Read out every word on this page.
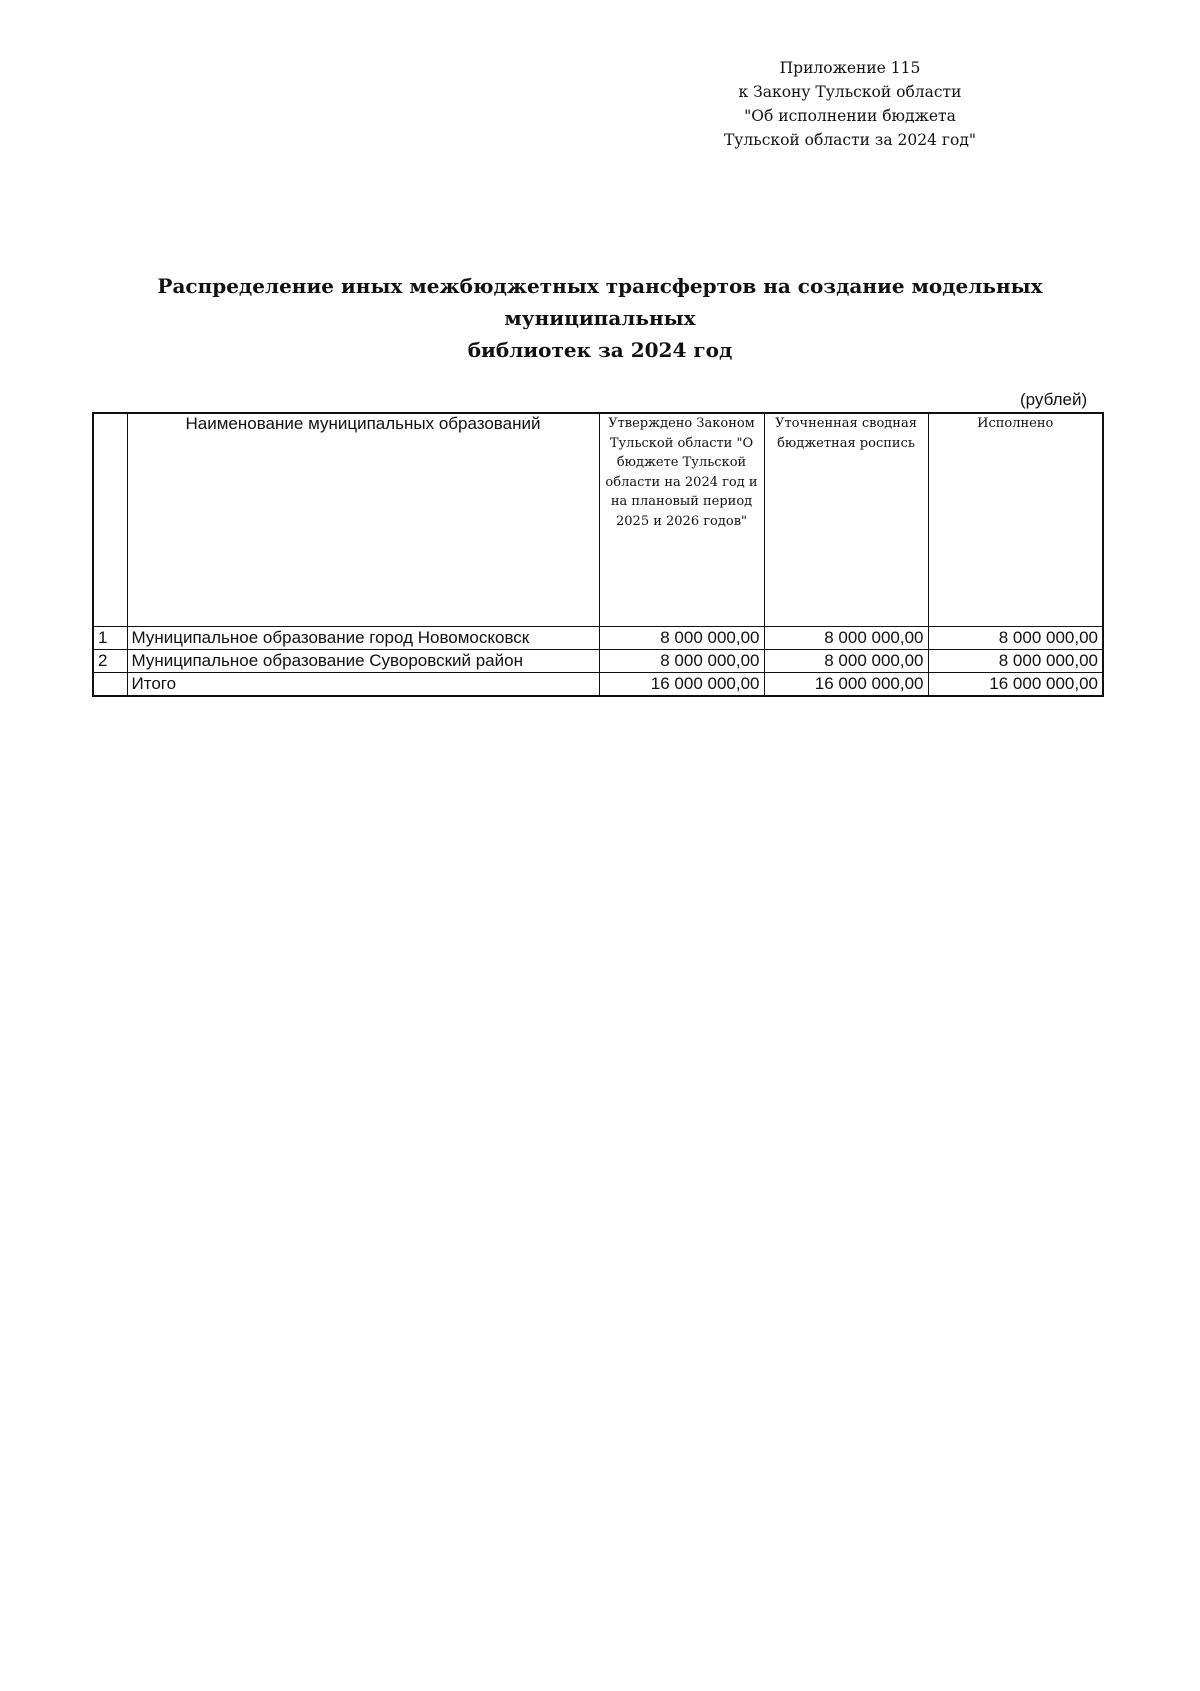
Приложение 115
к Закону Тульской области
"Об исполнении бюджета
Тульской области за 2024 год"
Распределение иных межбюджетных трансфертов на создание модельных муниципальных
библиотек за 2024 год
(рублей)
	Наименование муниципальных образований	Утверждено Законом Тульской области "О бюджете Тульской области на 2024 год и на плановый период 2025 и 2026 годов"	Уточненная сводная бюджетная роспись	Исполнено
1	Муниципальное образование город Новомосковск	8 000 000,00	8 000 000,00	8 000 000,00
2	Муниципальное образование Суворовский район	8 000 000,00	8 000 000,00	8 000 000,00
	Итого	16 000 000,00	16 000 000,00	16 000 000,00
